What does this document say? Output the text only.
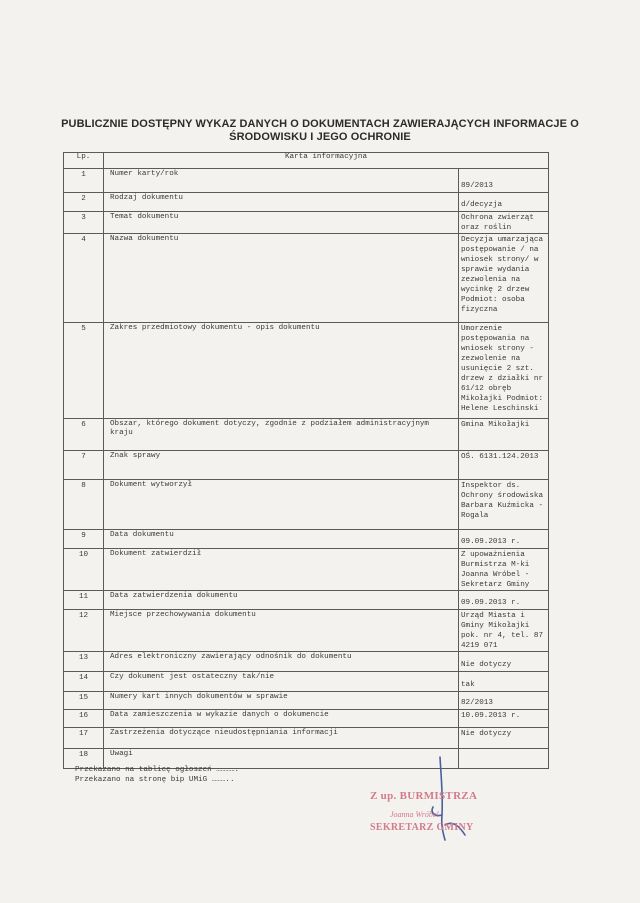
PUBLICZNIE DOSTĘPNY WYKAZ DANYCH O DOKUMENTACH ZAWIERAJĄCYCH INFORMACJE O
ŚRODOWISKU I JEGO OCHRONIE
Lp.	Karta informacyjna	
1	Numer karty/rok	89/2013
2	Rodzaj dokumentu	d/decyzja
3	Temat dokumentu	Ochrona zwierząt oraz roślin
4	Nazwa dokumentu	Decyzja umarzająca postępowanie / na wniosek strony/ w sprawie wydania zezwolenia na wycinkę 2 drzew Podmiot: osoba fizyczna
5	Zakres przedmiotowy dokumentu - opis dokumentu	Umorzenie postępowania na wniosek strony - zezwolenie na usunięcie 2 szt. drzew z działki nr 61/12 obręb Mikołajki Podmiot: Helene Leschinski
6	Obszar, którego dokument dotyczy, zgodnie z podziałem administracyjnym kraju	Gmina Mikołajki
7	Znak sprawy	OŚ. 6131.124.2013
8	Dokument wytworzył	Inspektor ds. Ochrony środowiska Barbara Kuźmicka - Rogala
9	Data dokumentu	09.09.2013 r.
10	Dokument zatwierdził	Z upoważnienia Burmistrza M-ki Joanna Wróbel - Sekretarz Gminy
11	Data zatwierdzenia dokumentu	09.09.2013 r.
12	Miejsce przechowywania dokumentu	Urząd Miasta i Gminy Mikołajki pok. nr 4, tel. 87 4219 071
13	Adres elektroniczny zawierający odnośnik do dokumentu	Nie dotyczy
14	Czy dokument jest ostateczny tak/nie	tak
15	Numery kart innych dokumentów w sprawie	82/2013
16	Data zamieszczenia w wykazie danych o dokumencie	10.09.2013 r.
17	Zastrzeżenia dotyczące nieudostępniania informacji	Nie dotyczy
18	Uwagi	
Przekazano na tablicę ogłoszeń ………….
Przekazano na stronę bip UMiG ………..
Z up. BURMISTRZA
Joanna Wróbel
SEKRETARZ GMINY
